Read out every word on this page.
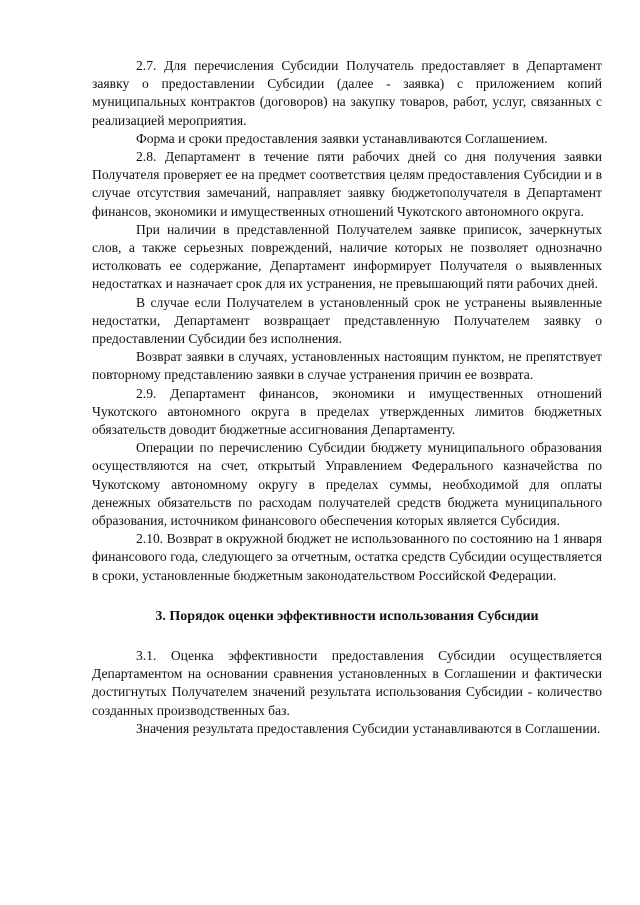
2.7. Для перечисления Субсидии Получатель предоставляет в Департамент заявку о предоставлении Субсидии (далее - заявка) с приложением копий муниципальных контрактов (договоров) на закупку товаров, работ, услуг, связанных с реализацией мероприятия.

Форма и сроки предоставления заявки устанавливаются Соглашением.

2.8. Департамент в течение пяти рабочих дней со дня получения заявки Получателя проверяет ее на предмет соответствия целям предоставления Субсидии и в случае отсутствия замечаний, направляет заявку бюджетополучателя в Департамент финансов, экономики и имущественных отношений Чукотского автономного округа.

При наличии в представленной Получателем заявке приписок, зачеркнутых слов, а также серьезных повреждений, наличие которых не позволяет однозначно истолковать ее содержание, Департамент информирует Получателя о выявленных недостатках и назначает срок для их устранения, не превышающий пяти рабочих дней.

В случае если Получателем в установленный срок не устранены выявленные недостатки, Департамент возвращает представленную Получателем заявку о предоставлении Субсидии без исполнения.

Возврат заявки в случаях, установленных настоящим пунктом, не препятствует повторному представлению заявки в случае устранения причин ее возврата.

2.9. Департамент финансов, экономики и имущественных отношений Чукотского автономного округа в пределах утвержденных лимитов бюджетных обязательств доводит бюджетные ассигнования Департаменту.

Операции по перечислению Субсидии бюджету муниципального образования осуществляются на счет, открытый Управлением Федерального казначейства по Чукотскому автономному округу в пределах суммы, необходимой для оплаты денежных обязательств по расходам получателей средств бюджета муниципального образования, источником финансового обеспечения которых является Субсидия.

2.10. Возврат в окружной бюджет не использованного по состоянию на 1 января финансового года, следующего за отчетным, остатка средств Субсидии осуществляется в сроки, установленные бюджетным законодательством Российской Федерации.

3. Порядок оценки эффективности использования Субсидии

3.1. Оценка эффективности предоставления Субсидии осуществляется Департаментом на основании сравнения установленных в Соглашении и фактически достигнутых Получателем значений результата использования Субсидии - количество созданных производственных баз.

Значения результата предоставления Субсидии устанавливаются в Соглашении.
